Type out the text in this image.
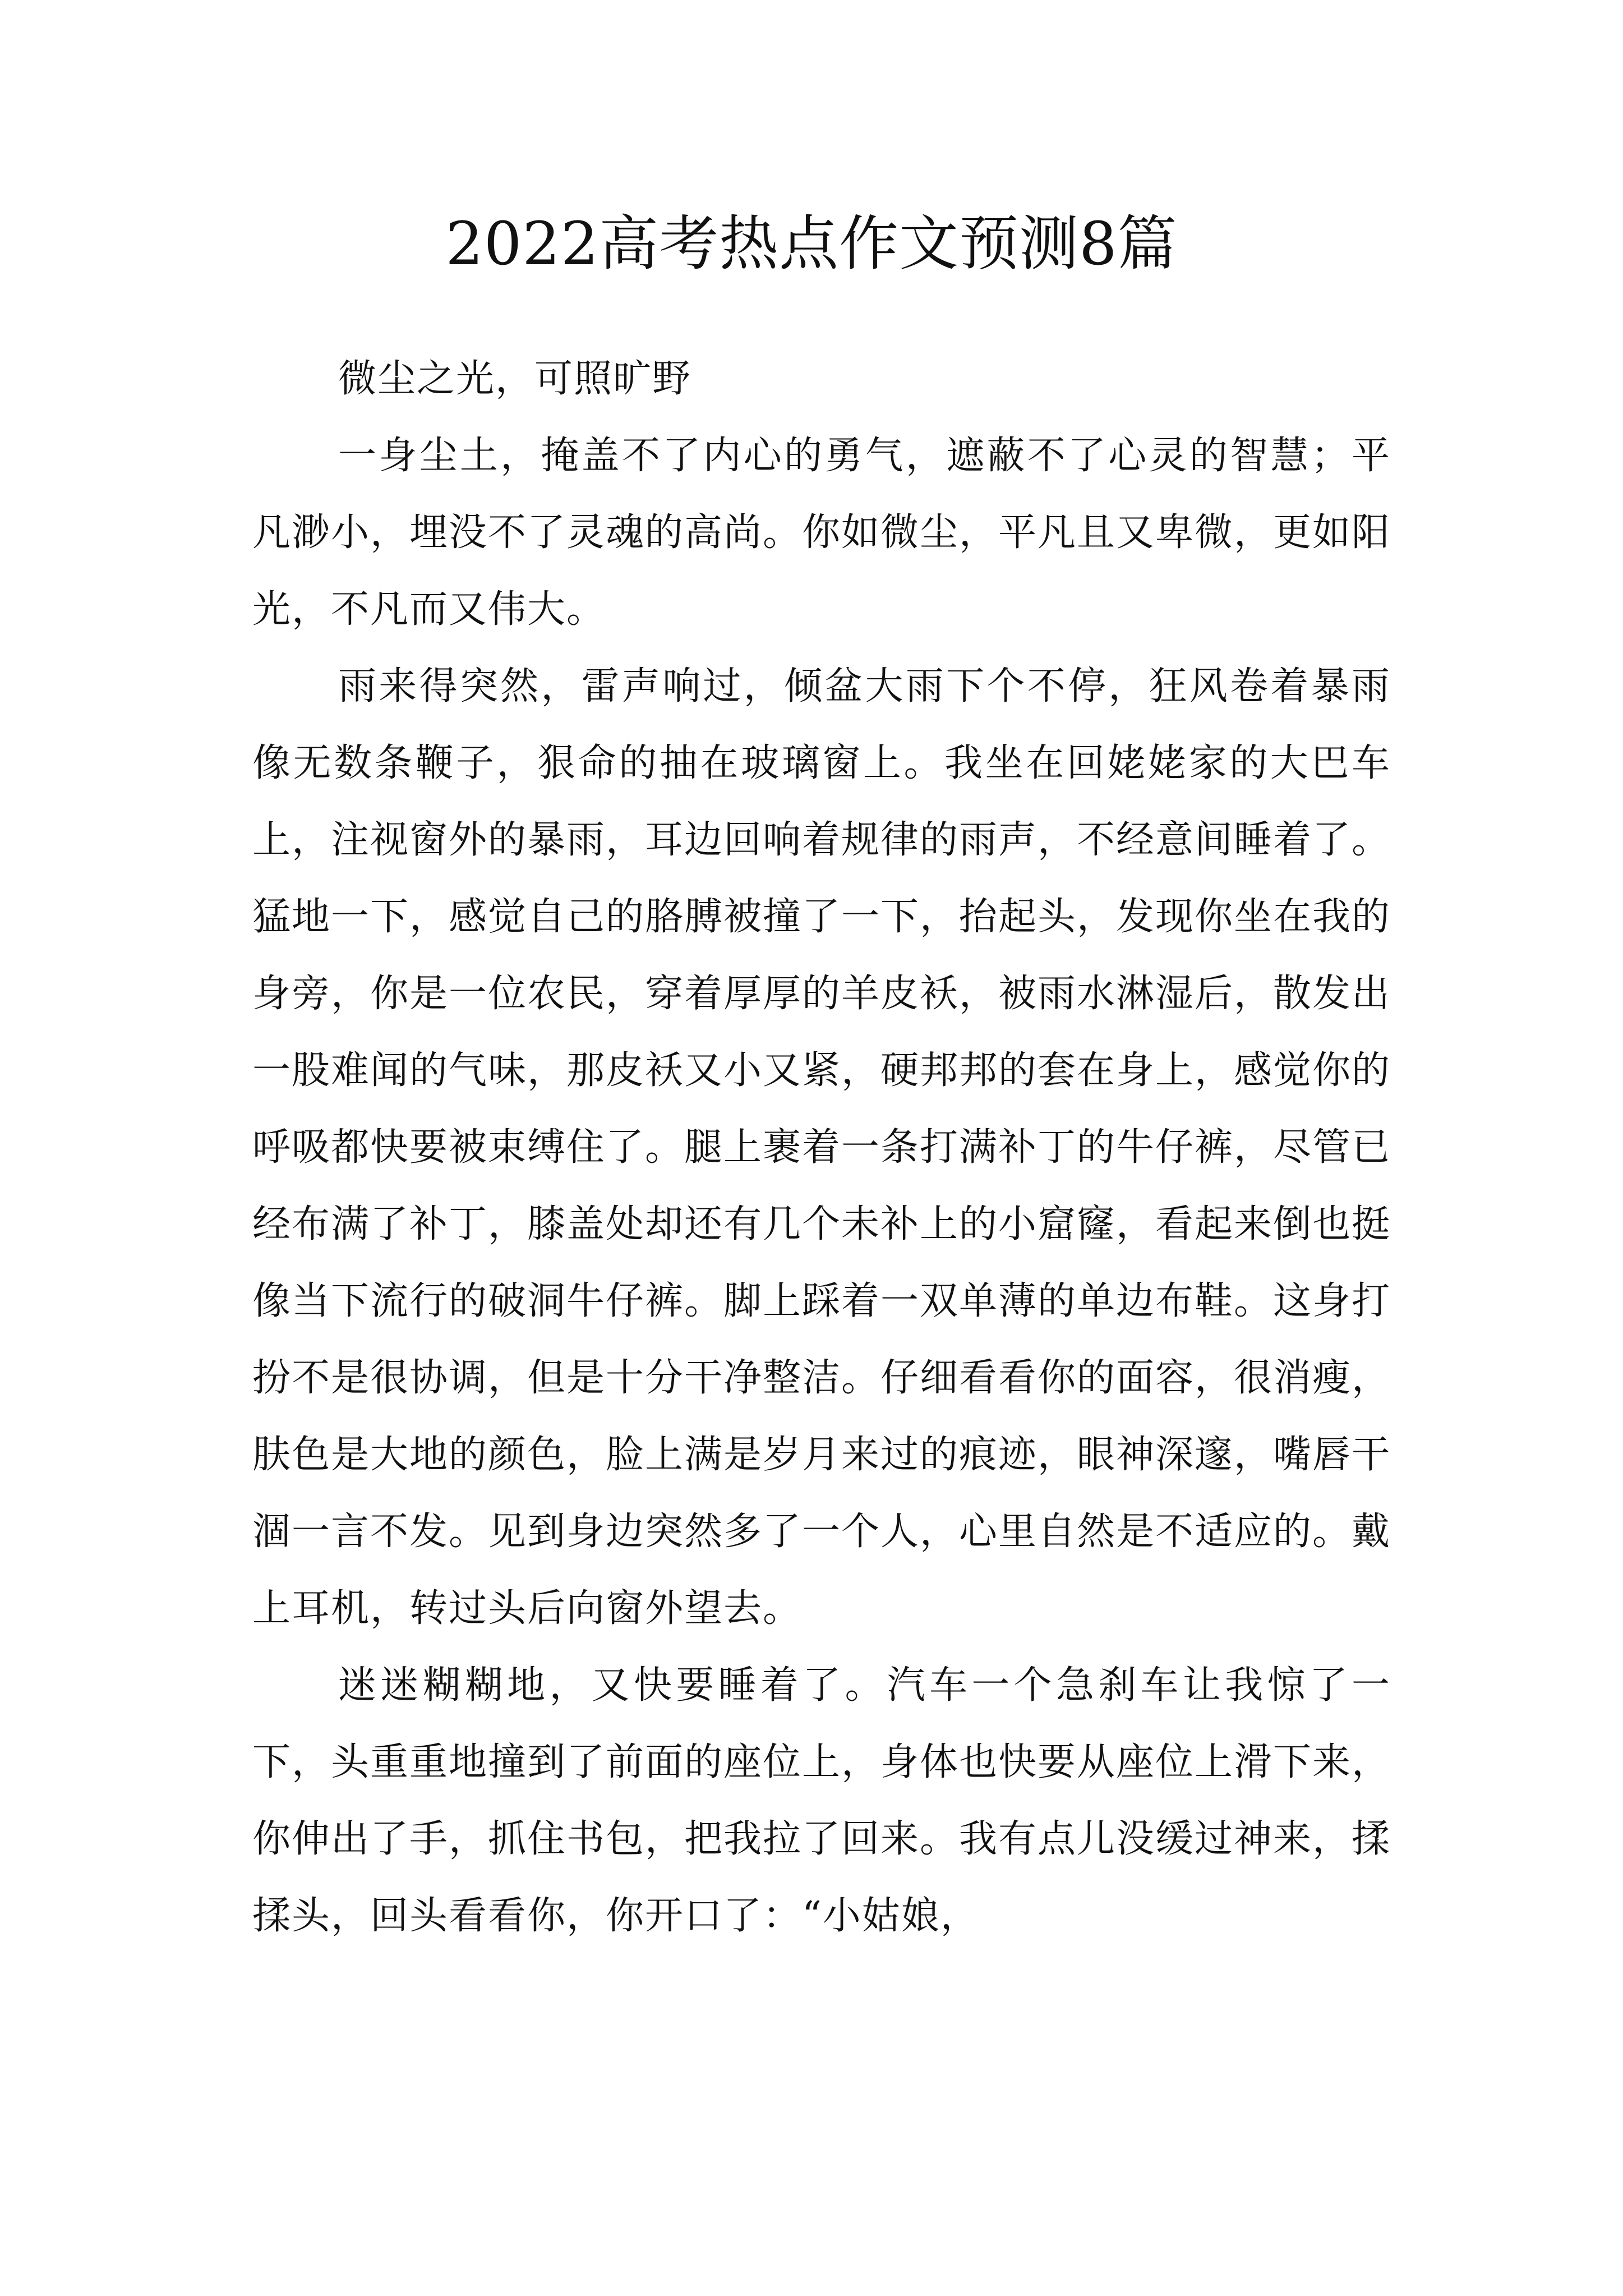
2022高考热点作文预测8篇

微尘之光，可照旷野

一身尘土，掩盖不了内心的勇气，遮蔽不了心灵的智慧；平凡渺小，埋没不了灵魂的高尚。你如微尘，平凡且又卑微，更如阳光，不凡而又伟大。

雨来得突然，雷声响过，倾盆大雨下个不停，狂风卷着暴雨像无数条鞭子，狠命的抽在玻璃窗上。我坐在回姥姥家的大巴车上，注视窗外的暴雨，耳边回响着规律的雨声，不经意间睡着了。猛地一下，感觉自己的胳膊被撞了一下，抬起头，发现你坐在我的身旁，你是一位农民，穿着厚厚的羊皮袄，被雨水淋湿后，散发出一股难闻的气味，那皮袄又小又紧，硬邦邦的套在身上，感觉你的呼吸都快要被束缚住了。腿上裹着一条打满补丁的牛仔裤，尽管已经布满了补丁，膝盖处却还有几个未补上的小窟窿，看起来倒也挺像当下流行的破洞牛仔裤。脚上踩着一双单薄的单边布鞋。这身打扮不是很协调，但是十分干净整洁。仔细看看你的面容，很消瘦，肤色是大地的颜色，脸上满是岁月来过的痕迹，眼神深邃，嘴唇干涸一言不发。见到身边突然多了一个人，心里自然是不适应的。戴上耳机，转过头后向窗外望去。

迷迷糊糊地，又快要睡着了。汽车一个急刹车让我惊了一下，头重重地撞到了前面的座位上，身体也快要从座位上滑下来，你伸出了手，抓住书包，把我拉了回来。我有点儿没缓过神来，揉揉头，回头看看你，你开口了：“小姑娘，
